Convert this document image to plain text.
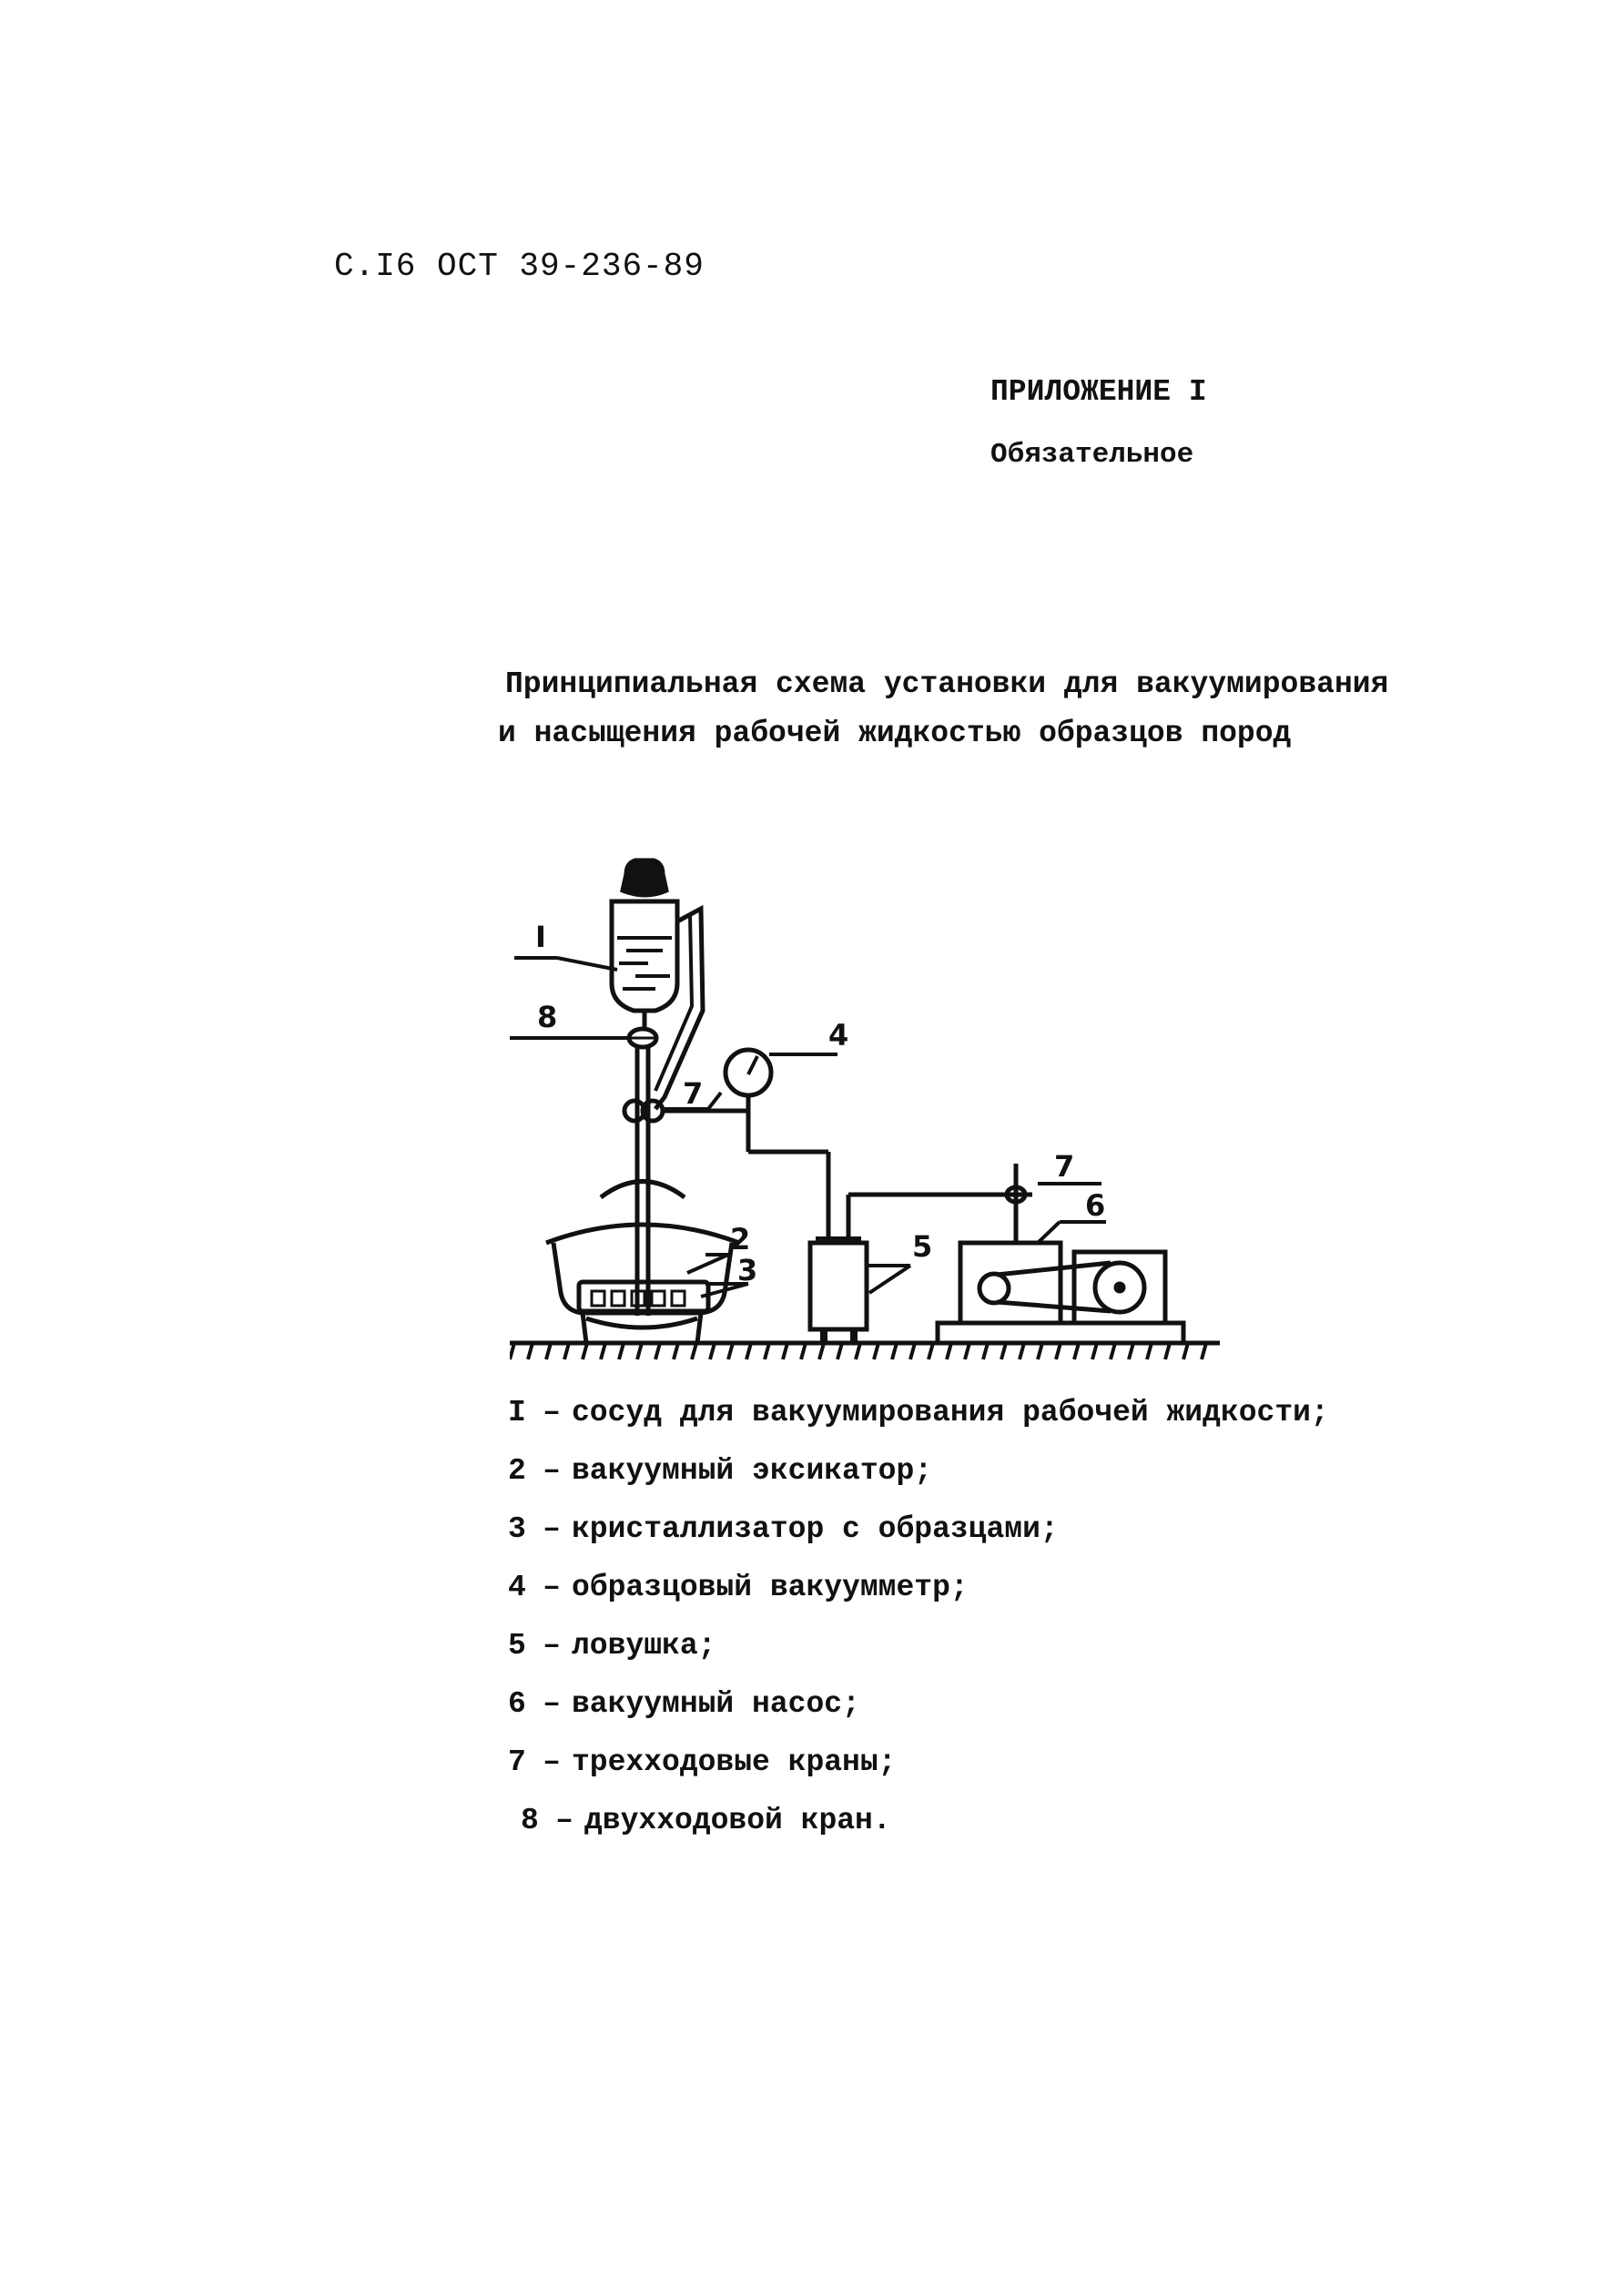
С.I6 ОСТ 39-236-89
ПРИЛОЖЕНИЕ I
Обязательное
Принципиальная схема установки для вакуумирования
и насыщения рабочей жидкостью образцов пород
I
8
7
4
7
6
2
3
5
I – сосуд для вакуумирования рабочей жидкости;
2 – вакуумный эксикатор;
3 – кристаллизатор с образцами;
4 – образцовый вакуумметр;
5 – ловушка;
6 – вакуумный насос;
7 – трехходовые краны;
8 – двухходовой кран.
